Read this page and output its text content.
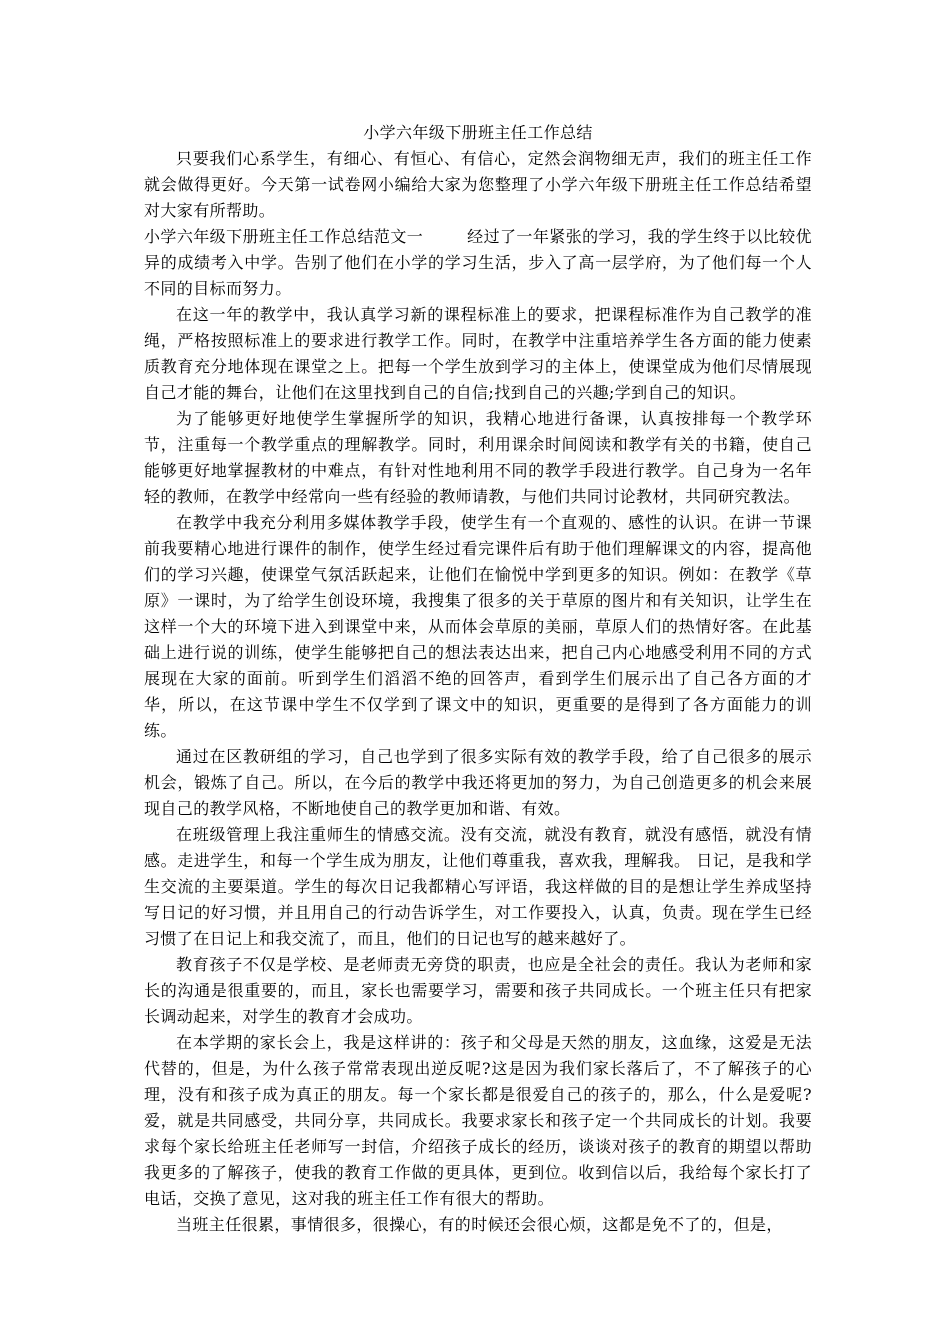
小学六年级下册班主任工作总结

只要我们心系学生，有细心、有恒心、有信心，定然会润物细无声，我们的班主任工作就会做得更好。今天第一试卷网小编给大家为您整理了小学六年级下册班主任工作总结希望对大家有所帮助。

小学六年级下册班主任工作总结范文一	经过了一年紧张的学习，我的学生终于以比较优异的成绩考入中学。告别了他们在小学的学习生活，步入了高一层学府，为了他们每一个人不同的目标而努力。

在这一年的教学中，我认真学习新的课程标准上的要求，把课程标准作为自己教学的准绳，严格按照标准上的要求进行教学工作。同时，在教学中注重培养学生各方面的能力使素质教育充分地体现在课堂之上。把每一个学生放到学习的主体上，使课堂成为他们尽情展现自己才能的舞台，让他们在这里找到自己的自信;找到自己的兴趣;学到自己的知识。

为了能够更好地使学生掌握所学的知识，我精心地进行备课，认真按排每一个教学环节，注重每一个教学重点的理解教学。同时，利用课余时间阅读和教学有关的书籍，使自己能够更好地掌握教材的中难点，有针对性地利用不同的教学手段进行教学。自己身为一名年轻的教师，在教学中经常向一些有经验的教师请教，与他们共同讨论教材，共同研究教法。

在教学中我充分利用多媒体教学手段，使学生有一个直观的、感性的认识。在讲一节课前我要精心地进行课件的制作，使学生经过看完课件后有助于他们理解课文的内容，提高他们的学习兴趣，使课堂气氛活跃起来，让他们在愉悦中学到更多的知识。例如：在教学《草原》一课时，为了给学生创设环境，我搜集了很多的关于草原的图片和有关知识，让学生在这样一个大的环境下进入到课堂中来，从而体会草原的美丽，草原人们的热情好客。在此基础上进行说的训练，使学生能够把自己的想法表达出来，把自己内心地感受利用不同的方式展现在大家的面前。听到学生们滔滔不绝的回答声，看到学生们展示出了自己各方面的才华，所以，在这节课中学生不仅学到了课文中的知识，更重要的是得到了各方面能力的训练。

通过在区教研组的学习，自己也学到了很多实际有效的教学手段，给了自己很多的展示机会，锻炼了自己。所以，在今后的教学中我还将更加的努力，为自己创造更多的机会来展现自己的教学风格，不断地使自己的教学更加和谐、有效。

在班级管理上我注重师生的情感交流。没有交流，就没有教育，就没有感悟，就没有情感。走进学生，和每一个学生成为朋友，让他们尊重我，喜欢我，理解我。 日记，是我和学生交流的主要渠道。学生的每次日记我都精心写评语，我这样做的目的是想让学生养成坚持写日记的好习惯，并且用自己的行动告诉学生，对工作要投入，认真，负责。现在学生已经习惯了在日记上和我交流了，而且，他们的日记也写的越来越好了。

教育孩子不仅是学校、是老师责无旁贷的职责，也应是全社会的责任。我认为老师和家长的沟通是很重要的，而且，家长也需要学习，需要和孩子共同成长。一个班主任只有把家长调动起来，对学生的教育才会成功。

在本学期的家长会上，我是这样讲的：孩子和父母是天然的朋友，这血缘，这爱是无法代替的，但是，为什么孩子常常表现出逆反呢?这是因为我们家长落后了，不了解孩子的心理，没有和孩子成为真正的朋友。每一个家长都是很爱自己的孩子的，那么，什么是爱呢?爱，就是共同感受，共同分享，共同成长。我要求家长和孩子定一个共同成长的计划。我要求每个家长给班主任老师写一封信，介绍孩子成长的经历，谈谈对孩子的教育的期望以帮助我更多的了解孩子，使我的教育工作做的更具体，更到位。收到信以后，我给每个家长打了电话，交换了意见，这对我的班主任工作有很大的帮助。

当班主任很累，事情很多，很操心，有的时候还会很心烦，这都是免不了的，但是，
